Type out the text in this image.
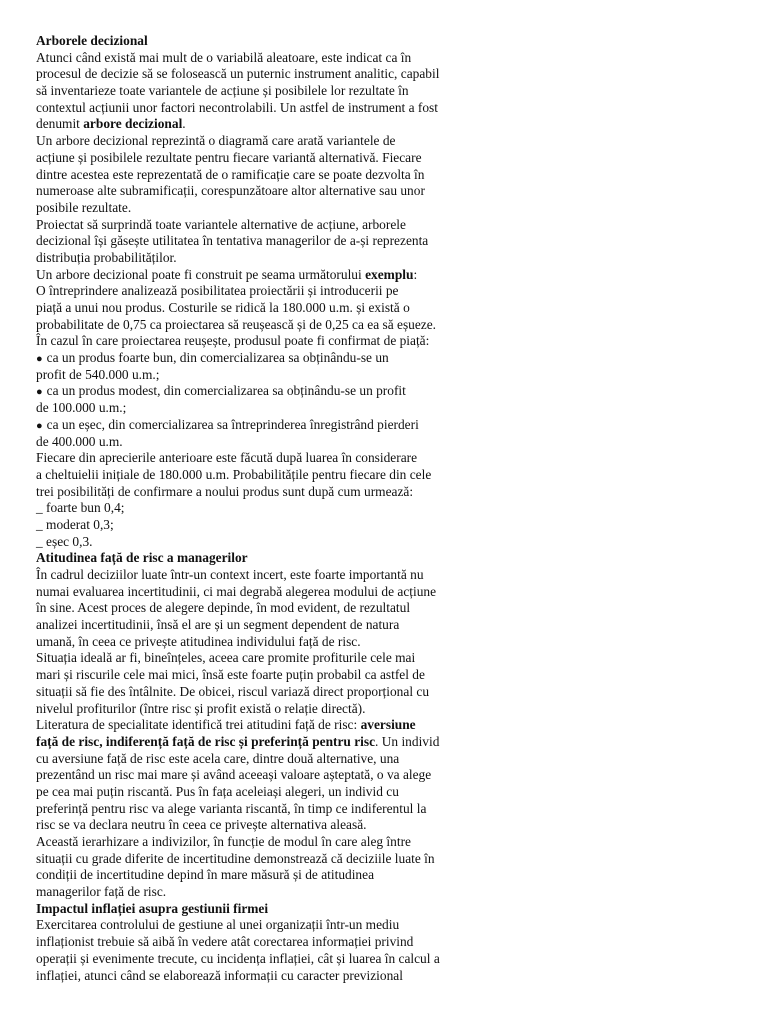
Arborele decizional
Atunci când există mai mult de o variabilă aleatoare, este indicat ca în
procesul de decizie să se folosească un puternic instrument analitic, capabil
să inventarieze toate variantele de acțiune și posibilele lor rezultate în
contextul acțiunii unor factori necontrolabili. Un astfel de instrument a fost
denumit arbore decizional.
Un arbore decizional reprezintă o diagramă care arată variantele de
acțiune și posibilele rezultate pentru fiecare variantă alternativă. Fiecare
dintre acestea este reprezentată de o ramificație care se poate dezvolta în
numeroase alte subramificații, corespunzătoare altor alternative sau unor
posibile rezultate.
Proiectat să surprindă toate variantele alternative de acțiune, arborele
decizional își găsește utilitatea în tentativa managerilor de a-și reprezenta
distribuția probabilităților.
Un arbore decizional poate fi construit pe seama următorului exemplu:
O întreprindere analizează posibilitatea proiectării și introducerii pe
piață a unui nou produs. Costurile se ridică la 180.000 u.m. și există o
probabilitate de 0,75 ca proiectarea să reușească și de 0,25 ca ea să eșueze.
În cazul în care proiectarea reușește, produsul poate fi confirmat de piață:
● ca un produs foarte bun, din comercializarea sa obținându-se un
profit de 540.000 u.m.;
● ca un produs modest, din comercializarea sa obținându-se un profit
de 100.000 u.m.;
● ca un eșec, din comercializarea sa întreprinderea înregistrând pierderi
de 400.000 u.m.
Fiecare din aprecierile anterioare este făcută după luarea în considerare
a cheltuielii inițiale de 180.000 u.m. Probabilitățile pentru fiecare din cele
trei posibilități de confirmare a noului produs sunt după cum urmează:
_ foarte bun 0,4;
_ moderat 0,3;
_ eșec 0,3.
Atitudinea față de risc a managerilor
În cadrul deciziilor luate într-un context incert, este foarte importantă nu
numai evaluarea incertitudinii, ci mai degrabă alegerea modului de acțiune
în sine. Acest proces de alegere depinde, în mod evident, de rezultatul
analizei incertitudinii, însă el are și un segment dependent de natura
umană, în ceea ce privește atitudinea individului față de risc.
Situația ideală ar fi, bineînțeles, aceea care promite profiturile cele mai
mari și riscurile cele mai mici, însă este foarte puțin probabil ca astfel de
situații să fie des întâlnite. De obicei, riscul variază direct proporțional cu
nivelul profiturilor (între risc și profit există o relație directă).
Literatura de specialitate identifică trei atitudini față de risc: aversiune
față de risc, indiferență față de risc și preferință pentru risc. Un individ
cu aversiune față de risc este acela care, dintre două alternative, una
prezentând un risc mai mare și având aceeași valoare așteptată, o va alege
pe cea mai puțin riscantă. Pus în fața aceleiași alegeri, un individ cu
preferință pentru risc va alege varianta riscantă, în timp ce indiferentul la
risc se va declara neutru în ceea ce privește alternativa aleasă.
Această ierarhizare a indivizilor, în funcție de modul în care aleg între
situații cu grade diferite de incertitudine demonstrează că deciziile luate în
condiții de incertitudine depind în mare măsură și de atitudinea
managerilor față de risc.
Impactul inflației asupra gestiunii firmei
Exercitarea controlului de gestiune al unei organizații într-un mediu
inflaționist trebuie să aibă în vedere atât corectarea informației privind
operații și evenimente trecute, cu incidența inflației, cât și luarea în calcul a
inflației, atunci când se elaborează informații cu caracter previzional
